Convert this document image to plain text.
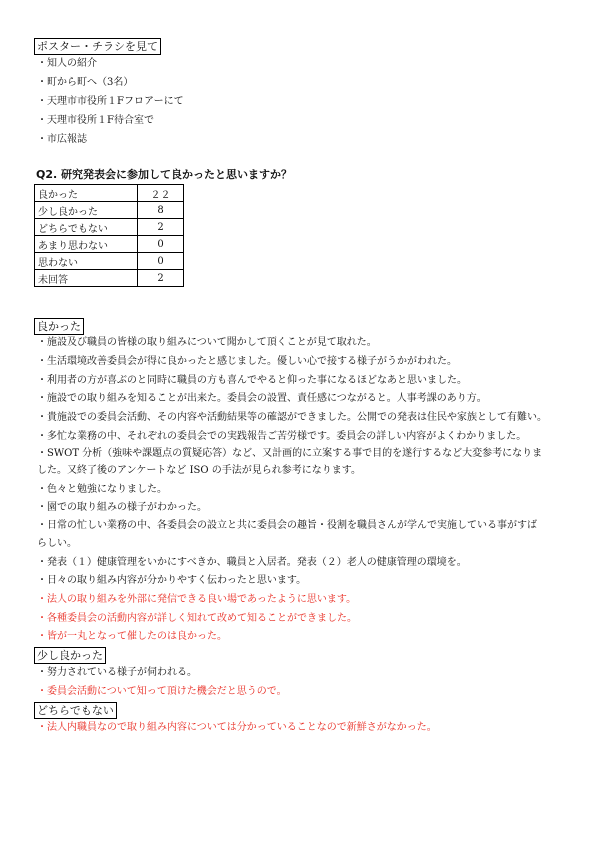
ポスター・チラシを見て
・知人の紹介
・町から町へ（3名）
・天理市市役所１Fフロアーにて
・天理市役所１F待合室で
・市広報誌
Q2. 研究発表会に参加して良かったと思いますか？
良かった	２２
少し良かった	8
どちらでもない	2
あまり思わない	0
思わない	0
未回答	2
良かった
・施設及び職員の皆様の取り組みについて聞かして頂くことが見て取れた。
・生活環境改善委員会が得に良かったと感じました。優しい心で接する様子がうかがわれた。
・利用者の方が喜ぶのと同時に職員の方も喜んでやると仰った事になるほどなあと思いました。
・施設での取り組みを知ることが出来た。委員会の設置、責任感につながると。人事考課のあり方。
・貴施設での委員会活動、その内容や活動結果等の確認ができました。公開での発表は住民や家族として有難い。
・多忙な業務の中、それぞれの委員会での実践報告ご苦労様です。委員会の詳しい内容がよくわかりました。
・SWOT 分析（強味や課題点の質疑応答）など、又計画的に立案する事で目的を遂行するなど大変参考になりま
した。又終了後のアンケートなど ISO の手法が見られ参考になります。
・色々と勉強になりました。
・園での取り組みの様子がわかった。
・日常の忙しい業務の中、各委員会の設立と共に委員会の趣旨・役割を職員さんが学んで実施している事がすば
らしい。
・発表（１）健康管理をいかにすべきか、職員と入居者。発表（２）老人の健康管理の環境を。
・日々の取り組み内容が分かりやすく伝わったと思います。
・法人の取り組みを外部に発信できる良い場であったように思います。
・各種委員会の活動内容が詳しく知れて改めて知ることができました。
・皆が一丸となって催したのは良かった。
少し良かった
・努力されている様子が伺われる。
・委員会活動について知って頂けた機会だと思うので。
どちらでもない
・法人内職員なので取り組み内容については分かっていることなので新鮮さがなかった。
